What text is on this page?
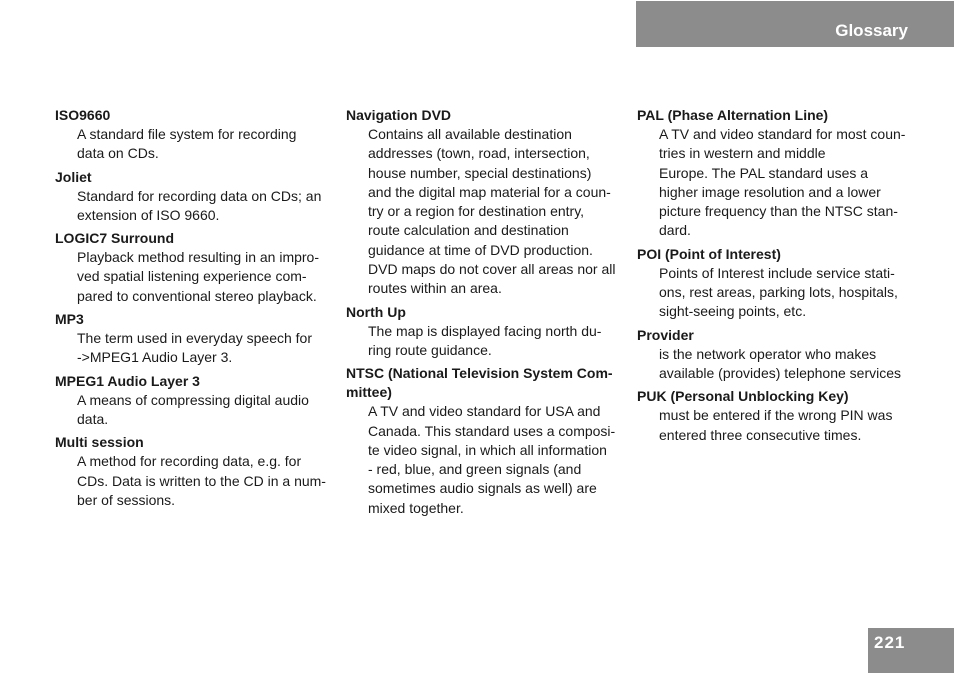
Glossary
ISO9660
A standard file system for recording
data on CDs.
Joliet
Standard for recording data on CDs; an
extension of ISO 9660.
LOGIC7 Surround
Playback method resulting in an impro-
ved spatial listening experience com-
pared to conventional stereo playback.
MP3
The term used in everyday speech for
->MPEG1 Audio Layer 3.
MPEG1 Audio Layer 3
A means of compressing digital audio
data.
Multi session
A method for recording data, e.g. for
CDs. Data is written to the CD in a num-
ber of sessions.
Navigation DVD
Contains all available destination
addresses (town, road, intersection,
house number, special destinations)
and the digital map material for a coun-
try or a region for destination entry,
route calculation and destination
guidance at time of DVD production.
DVD maps do not cover all areas nor all
routes within an area.
North Up
The map is displayed facing north du-
ring route guidance.
NTSC (National Television System Com-
mittee)
A TV and video standard for USA and
Canada. This standard uses a composi-
te video signal, in which all information
- red, blue, and green signals (and
sometimes audio signals as well) are
mixed together.
PAL (Phase Alternation Line)
A TV and video standard for most coun-
tries in western and middle
Europe. The PAL standard uses a
higher image resolution and a lower
picture frequency than the NTSC stan-
dard.
POI (Point of Interest)
Points of Interest include service stati-
ons, rest areas, parking lots, hospitals,
sight-seeing points, etc.
Provider
is the network operator who makes
available (provides) telephone services
PUK (Personal Unblocking Key)
must be entered if the wrong PIN was
entered three consecutive times.
221
